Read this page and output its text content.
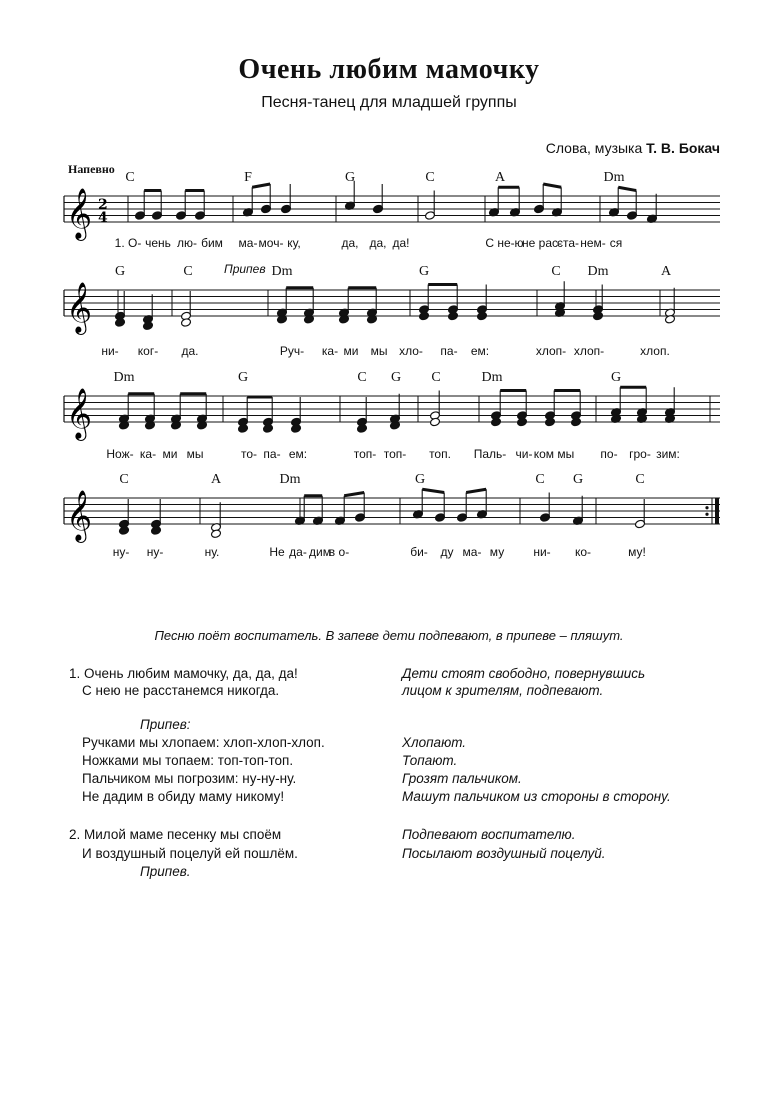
Очень любим мамочку
Песня-танец для младшей группы
Слова, музыка Т. В. Бокач
Напевно
𝄞 2
4
𝄞
𝄞
𝄞
C	F	G	C	A	Dm
1. О- чень лю- бим ма- моч- ку,	да, да, да!	С не- ю
не рас-
ста- нем- ся
G	C	Dm	G	C Dm	A
ни- ког- да.	Руч- ка- ми мы хло- па- ем:	хлоп- хлоп-	хлоп.
Dm	G	C G C	Dm	G
Нож- ка- ми мы	то- па- ем:	топ- топ- топ. Паль- чи- ком мы по- гро- зим:
C	A	Dm	G	C G	C
ну- ну-	ну.	Не да- дим
в о-	би- ду ма- му ни- ко-	му!
Припев
Песню поёт воспитатель. В запеве дети подпевают, в припеве – пляшут.
1. Очень любим мамочку, да, да, да!	Дети стоят свободно, повернувшись
С нею не расстанемся никогда.	лицом к зрителям, подпевают.
Припев:
Ручками мы хлопаем: хлоп-хлоп-хлоп.	Хлопают.
Ножками мы топаем: топ-топ-топ.	Топают.
Пальчиком мы погрозим: ну-ну-ну.	Грозят пальчиком.
Не дадим в обиду маму никому!	Машут пальчиком из стороны в сторону.
2. Милой маме песенку мы споём	Подпевают воспитателю.
И воздушный поцелуй ей пошлём.	Посылают воздушный поцелуй.
Припев.
